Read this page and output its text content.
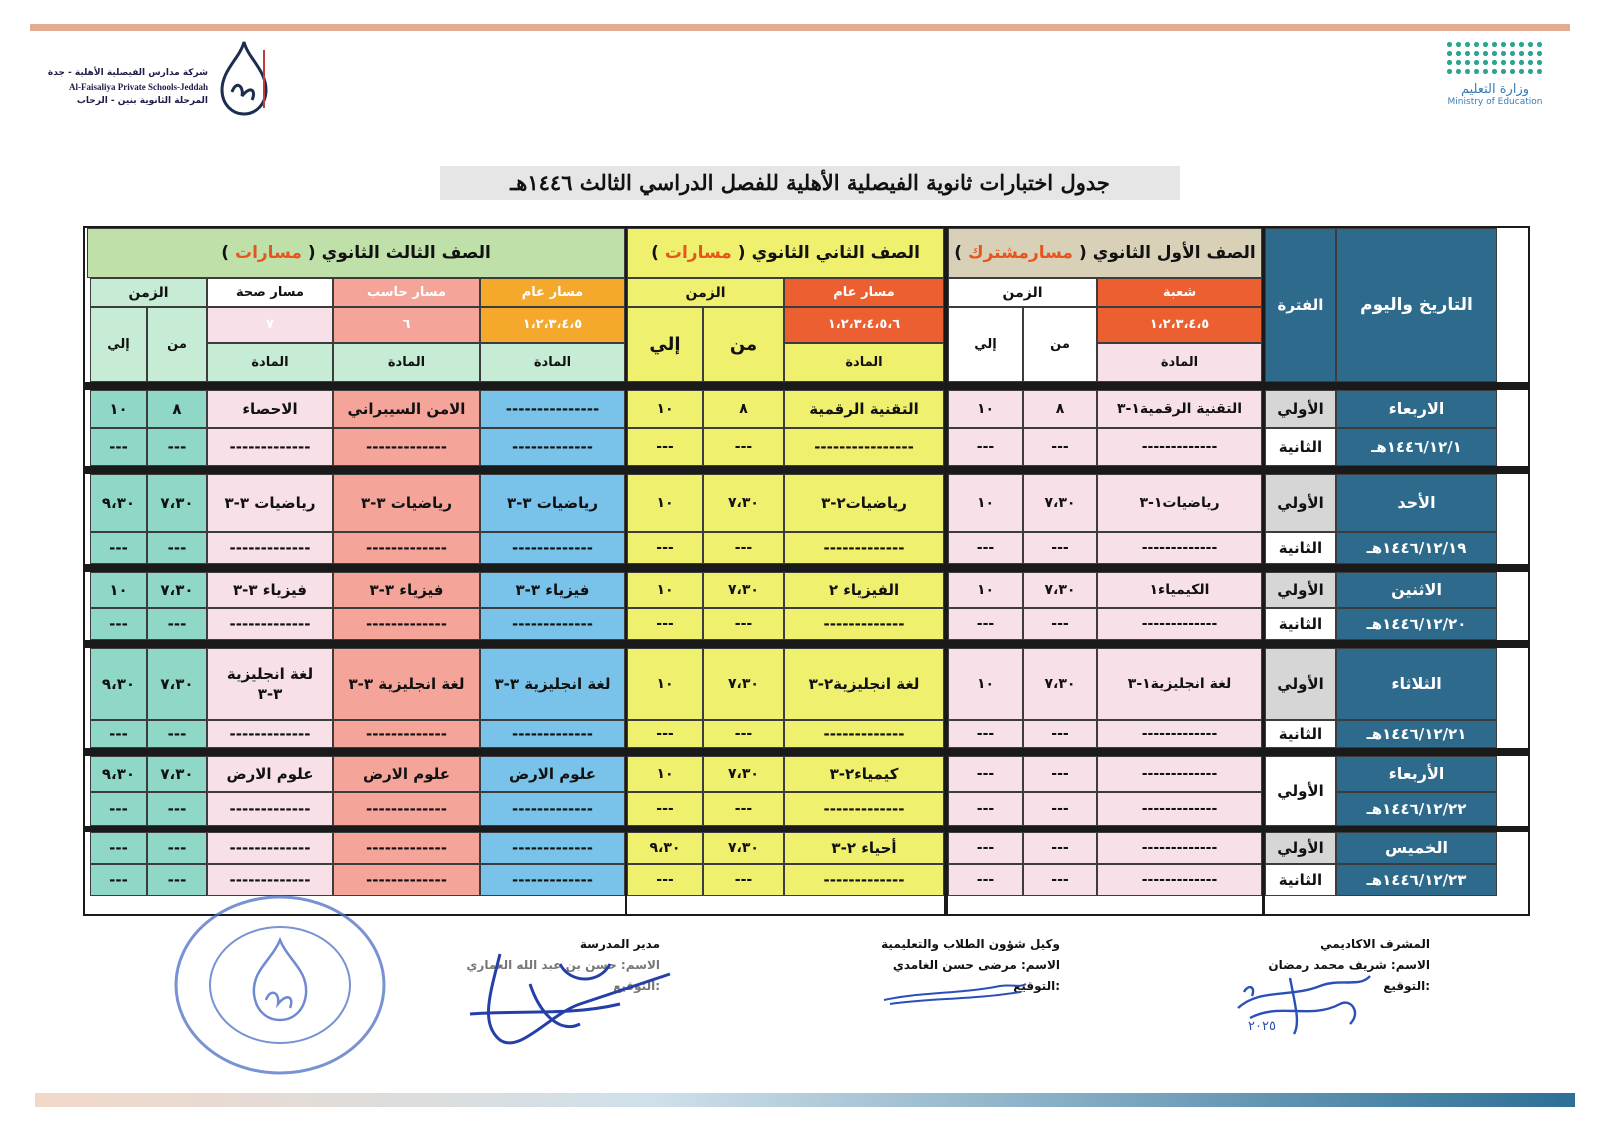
وزارة التعليم
Ministry of Education
شركة مدارس الفيصلية الأهلية - جدة
Al-Faisaliya Private Schools-Jeddah
المرحلة الثانوية بنين - الرحاب
جدول اختبارات ثانوية الفيصلية الأهلية للفصل الدراسي الثالث ١٤٤٦هـ
التاريخ واليوم
الفترة
الصف الأول الثانوي
(
مسارمشترك
)
الصف الثاني الثانوي
(
مسارات
)
الصف الثالث الثانوي
(
مسارات
)
شعبة
١،٢،٣،٤،٥
المادة
الزمن
من
إلي
مسار عام
١،٢،٣،٤،٥،٦
المادة
الزمن
من
إلي
مسار عام
١،٢،٣،٤،٥
المادة
مسار حاسب
٦
المادة
مسار صحة
٧
المادة
الزمن
من
إلي
الاربعاء
١٤٤٦/١٢/١هـ
الأولي
التقنية الرقمية١-٣
٨
١٠
التقنية الرقمية
٨
١٠
---------------
الامن السيبراني
الاحصاء
٨
١٠
الثانية
-------------
---
---
----------------
---
---
-------------
-------------
-------------
---
---
الأحد
١٤٤٦/١٢/١٩هـ
الأولي
رياضيات١-٣
٧،٣٠
١٠
رياضيات٢-٣
٧،٣٠
١٠
رياضيات ٣-٣
رياضيات ٣-٣
رياضيات ٣-٣
٧،٣٠
٩،٣٠
الثانية
-------------
---
---
-------------
---
---
-------------
-------------
-------------
---
---
الاثنين
١٤٤٦/١٢/٢٠هـ
الأولي
الكيمياء١
٧،٣٠
١٠
الفيزياء ٢
٧،٣٠
١٠
فيزياء ٣-٣
فيزياء ٣-٣
فيزياء ٣-٣
٧،٣٠
١٠
الثانية
-------------
---
---
-------------
---
---
-------------
-------------
-------------
---
---
الثلاثاء
١٤٤٦/١٢/٢١هـ
الأولي
لغة انجليزية١-٣
٧،٣٠
١٠
لغة انجليزية٢-٣
٧،٣٠
١٠
لغة انجليزية ٣-٣
لغة انجليزية ٣-٣
لغة انجليزية ٣-٣
٧،٣٠
٩،٣٠
الثانية
-------------
---
---
-------------
---
---
-------------
-------------
-------------
---
---
الأربعاء
١٤٤٦/١٢/٢٢هـ
الأولي
-------------
---
---
كيمياء٢-٣
٧،٣٠
١٠
علوم الارض
علوم الارض
علوم الارض
٧،٣٠
٩،٣٠
-------------
---
---
-------------
---
---
-------------
-------------
-------------
---
---
الخميس
١٤٤٦/١٢/٢٣هـ
الأولي
-------------
---
---
أحياء ٢-٣
٧،٣٠
٩،٣٠
-------------
-------------
-------------
---
---
الثانية
-------------
---
---
-------------
---
---
-------------
-------------
-------------
---
---
المشرف الاكاديمي
الاسم: شريف محمد رمضان
التوقيع:
وكيل شؤون الطلاب والتعليمية
الاسم: مرضى حسن الغامدي
التوقيع:
مدير المدرسة
الاسم: حسن بن عبد الله العماري
التوقيع:
٢٠٢٥
